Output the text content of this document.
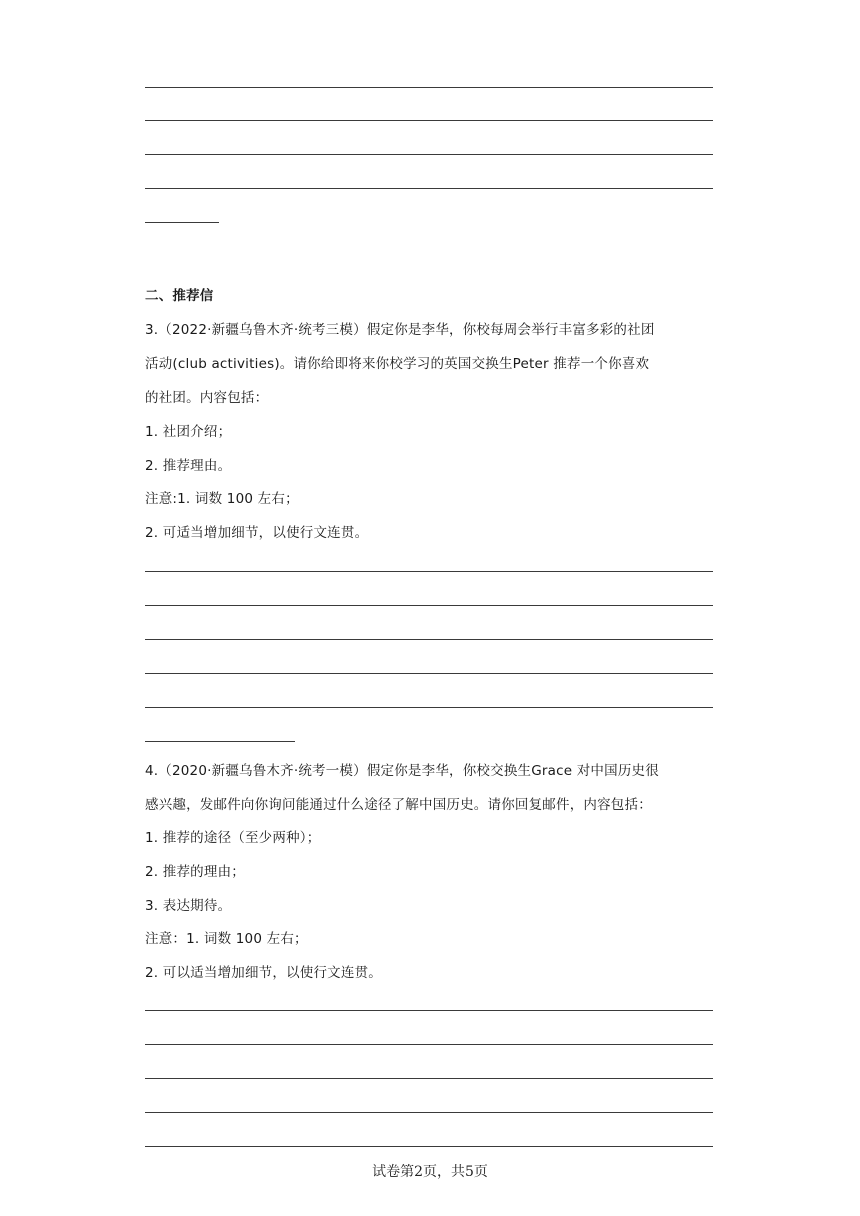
二、推荐信
3.（2022·新疆乌鲁木齐·统考三模）假定你是李华，你校每周会举行丰富多彩的社团
活动(club activities)。请你给即将来你校学习的英国交换生Peter 推荐一个你喜欢
的社团。内容包括：
1. 社团介绍；
2. 推荐理由。
注意:1. 词数 100 左右；
2. 可适当增加细节，以使行文连贯。
4.（2020·新疆乌鲁木齐·统考一模）假定你是李华，你校交换生Grace 对中国历史很
感兴趣，发邮件向你询问能通过什么途径了解中国历史。请你回复邮件，内容包括：
1. 推荐的途径（至少两种）；
2. 推荐的理由；
3. 表达期待。
注意：1. 词数 100 左右；
2. 可以适当增加细节，以使行文连贯。
试卷第2页，共5页
